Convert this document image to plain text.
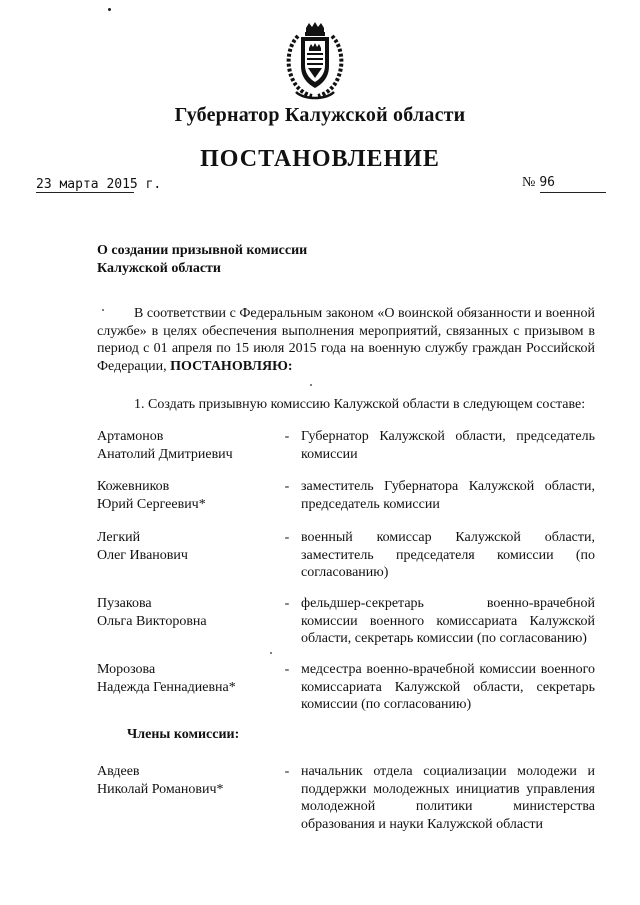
Губернатор Калужской области
ПОСТАНОВЛЕНИЕ
23 марта 2015 г.	№ 96
О создании призывной комиссии
Калужской области
В соответствии с Федеральным законом «О воинской обязанности и военной службе» в целях обеспечения выполнения мероприятий, связанных с призывом в период с 01 апреля по 15 июля 2015 года на военную службу граждан Российской Федерации, ПОСТАНОВЛЯЮ:
1. Создать призывную комиссию Калужской области в следующем составе:
Артамонов
Анатолий Дмитриевич
- Губернатор Калужской области, председатель комиссии
Кожевников
Юрий Сергеевич*
- заместитель Губернатора Калужской области, председатель комиссии
Легкий
Олег Иванович
- военный комиссар Калужской области, заместитель председателя комиссии (по согласованию)
Пузакова
Ольга Викторовна
- фельдшер-секретарь военно-врачебной комиссии военного комиссариата Калужской области, секретарь комиссии (по согласованию)
Морозова
Надежда Геннадиевна*
- медсестра военно-врачебной комиссии военного комиссариата Калужской области, секретарь комиссии (по согласованию)
Члены комиссии:
Авдеев
Николай Романович*
- начальник отдела социализации молодежи и поддержки молодежных инициатив управления молодежной политики министерства образования и науки Калужской области
